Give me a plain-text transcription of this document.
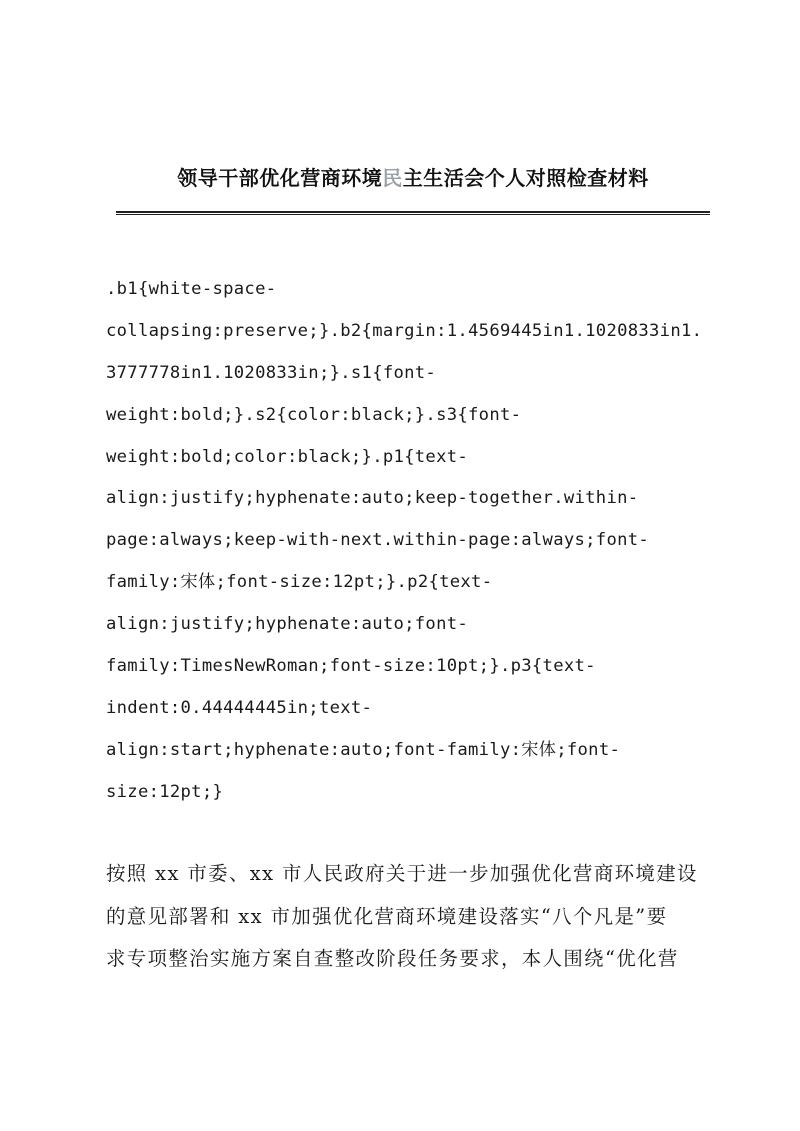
领导干部优化营商环境民主生活会个人对照检查材料
.b1{white-space-
collapsing:preserve;}.b2{margin:1.4569445in1.1020833in1.
3777778in1.1020833in;}.s1{font-
weight:bold;}.s2{color:black;}.s3{font-
weight:bold;color:black;}.p1{text-
align:justify;hyphenate:auto;keep-together.within-
page:always;keep-with-next.within-page:always;font-
family:宋体;font-size:12pt;}.p2{text-
align:justify;hyphenate:auto;font-
family:TimesNewRoman;font-size:10pt;}.p3{text-
indent:0.44444445in;text-
align:start;hyphenate:auto;font-family:宋体;font-
size:12pt;}
按照 xx 市委、xx 市人民政府关于进一步加强优化营商环境建设
的意见部署和 xx 市加强优化营商环境建设落实“八个凡是”要
求专项整治实施方案自查整改阶段任务要求，本人围绕“优化营
